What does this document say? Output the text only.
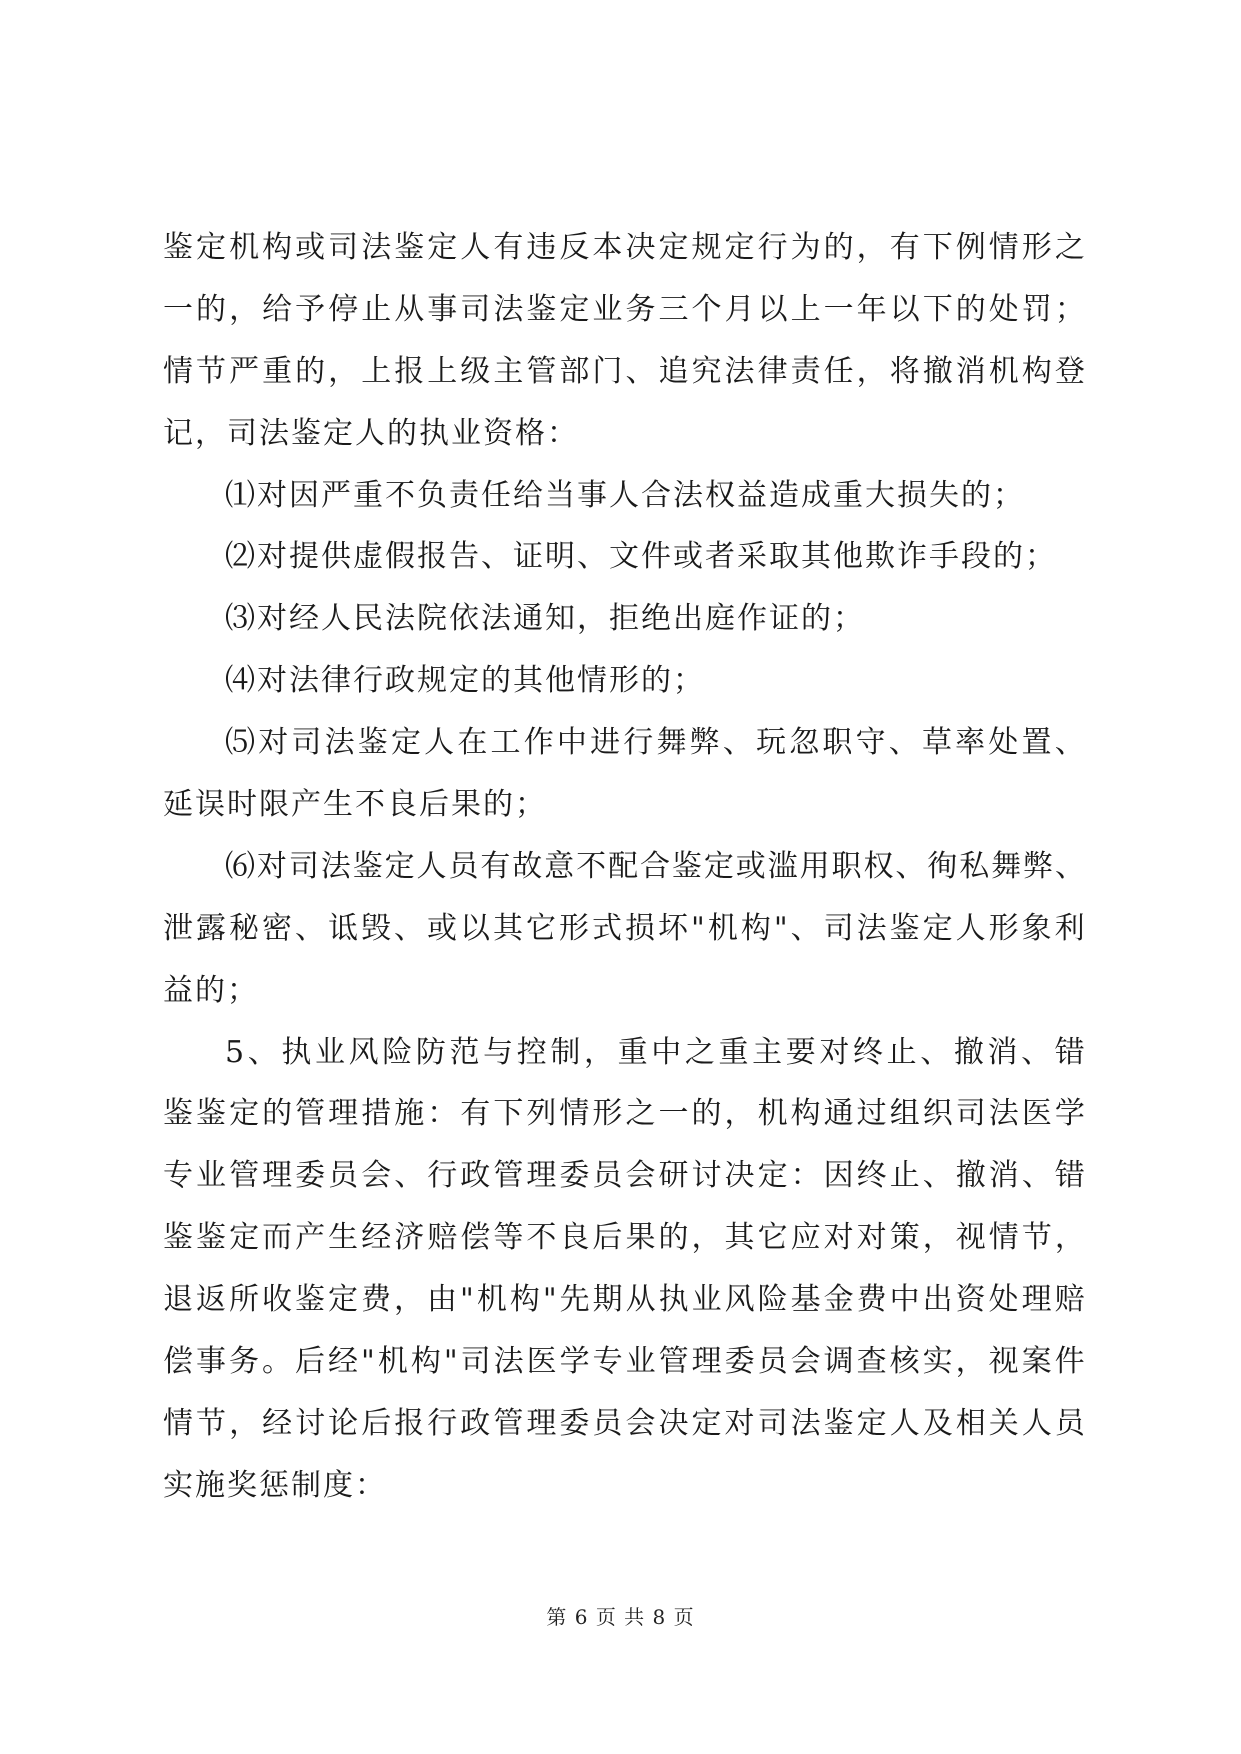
鉴 定 机 构 或 司 法 鉴 定 人 有 违 反 本 决 定 规 定 行 为 的 ， 有 下 例 情 形 之
一 的 ， 给 予 停 止 从 事 司 法 鉴 定 业 务 三 个 月 以 上 一 年 以 下 的 处 罚 ；
情 节 严 重 的 ， 上 报 上 级 主 管 部 门 、 追 究 法 律 责 任 ， 将 撤 消 机 构 登
记，司法鉴定人的执业资格：
⑴对因严重不负责任给当事人合法权益造成重大损失的；
⑵对提供虚假报告、证明、文件或者采取其他欺诈手段的；
⑶对经人民法院依法通知，拒绝出庭作证的；
⑷对法律行政规定的其他情形的；
⑸ 对 司 法 鉴 定 人 在 工 作 中 进 行 舞 弊 、 玩 忽 职 守 、 草 率 处 置 、
延误时限产生不良后果的；
⑹ 对 司 法 鉴 定 人 员 有 故 意 不 配 合 鉴 定 或 滥 用 职 权 、 徇 私 舞 弊 、
泄 露 秘 密 、 诋 毁 、 或 以 其 它 形 式 损 坏 " 机 构 " 、 司 法 鉴 定 人 形 象 利
益的；
5 、 执 业 风 险 防 范 与 控 制 ， 重 中 之 重 主 要 对 终 止 、 撤 消 、 错
鉴 鉴 定 的 管 理 措 施 ： 有 下 列 情 形 之 一 的 ， 机 构 通 过 组 织 司 法 医 学
专 业 管 理 委 员 会 、 行 政 管 理 委 员 会 研 讨 决 定 ： 因 终 止 、 撤 消 、 错
鉴 鉴 定 而 产 生 经 济 赔 偿 等 不 良 后 果 的 ， 其 它 应 对 对 策 ， 视 情 节 ，
退 返 所 收 鉴 定 费 ， 由 " 机 构 " 先 期 从 执 业 风 险 基 金 费 中 出 资 处 理 赔
偿 事 务 。 后 经 " 机 构 " 司 法 医 学 专 业 管 理 委 员 会 调 查 核 实 ， 视 案 件
情 节 ， 经 讨 论 后 报 行 政 管 理 委 员 会 决 定 对 司 法 鉴 定 人 及 相 关 人 员
实施奖惩制度：
第 6 页 共 8 页
